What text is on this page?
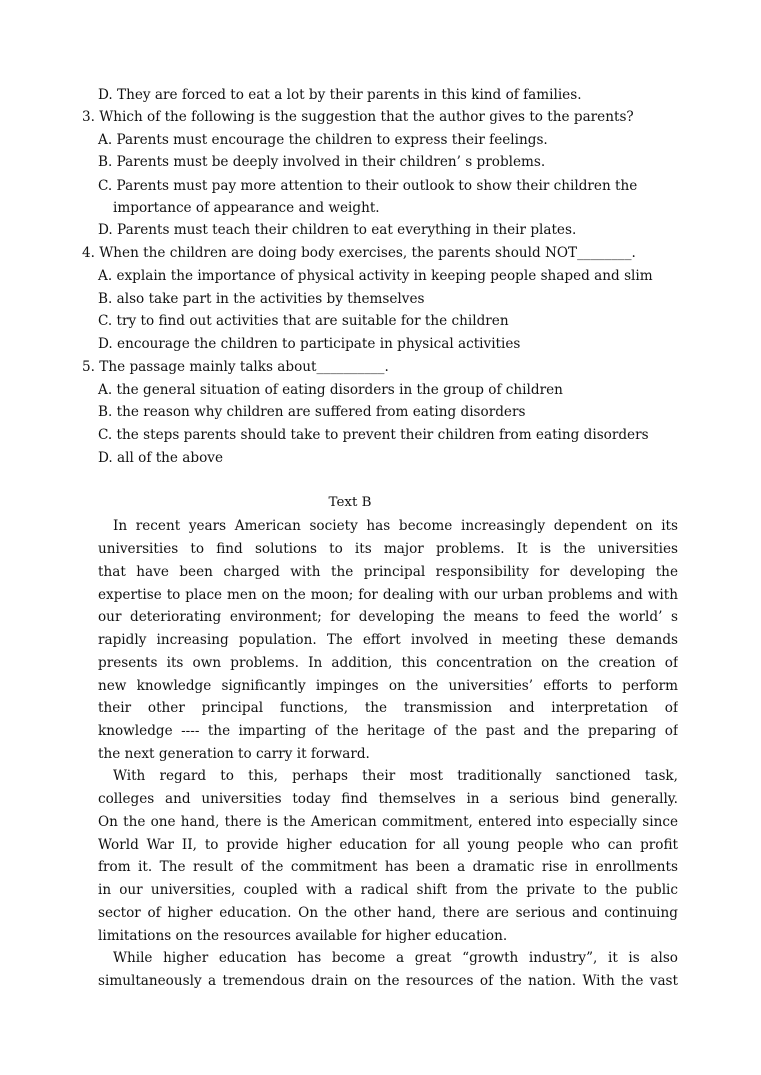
D. They are forced to eat a lot by their parents in this kind of families.
3. Which of the following is the suggestion that the author gives to the parents?
A. Parents must encourage the children to express their feelings.
B. Parents must be deeply involved in their children’ s problems.
C. Parents must pay more attention to their outlook to show their children the
importance of appearance and weight.
D. Parents must teach their children to eat everything in their plates.
4. When the children are doing body exercises, the parents should NOT________.
A. explain the importance of physical activity in keeping people shaped and slim
B. also take part in the activities by themselves
C. try to find out activities that are suitable for the children
D. encourage the children to participate in physical activities
5. The passage mainly talks about__________.
A. the general situation of eating disorders in the group of children
B. the reason why children are suffered from eating disorders
C. the steps parents should take to prevent their children from eating disorders
D. all of the above
Text B
In recent years American society has become increasingly dependent on its
universities to find solutions to its major problems. It is the universities
that have been charged with the principal responsibility for developing the
expertise to place men on the moon; for dealing with our urban problems and with
our deteriorating environment; for developing the means to feed the world’ s
rapidly increasing population. The effort involved in meeting these demands
presents its own problems. In addition, this concentration on the creation of
new knowledge significantly impinges on the universities’ efforts to perform
their other principal functions, the transmission and interpretation of
knowledge ---- the imparting of the heritage of the past and the preparing of
the next generation to carry it forward.
With regard to this, perhaps their most traditionally sanctioned task,
colleges and universities today find themselves in a serious bind generally.
On the one hand, there is the American commitment, entered into especially since
World War II, to provide higher education for all young people who can profit
from it. The result of the commitment has been a dramatic rise in enrollments
in our universities, coupled with a radical shift from the private to the public
sector of higher education. On the other hand, there are serious and continuing
limitations on the resources available for higher education.
While higher education has become a great “growth industry”, it is also
simultaneously a tremendous drain on the resources of the nation. With the vast
